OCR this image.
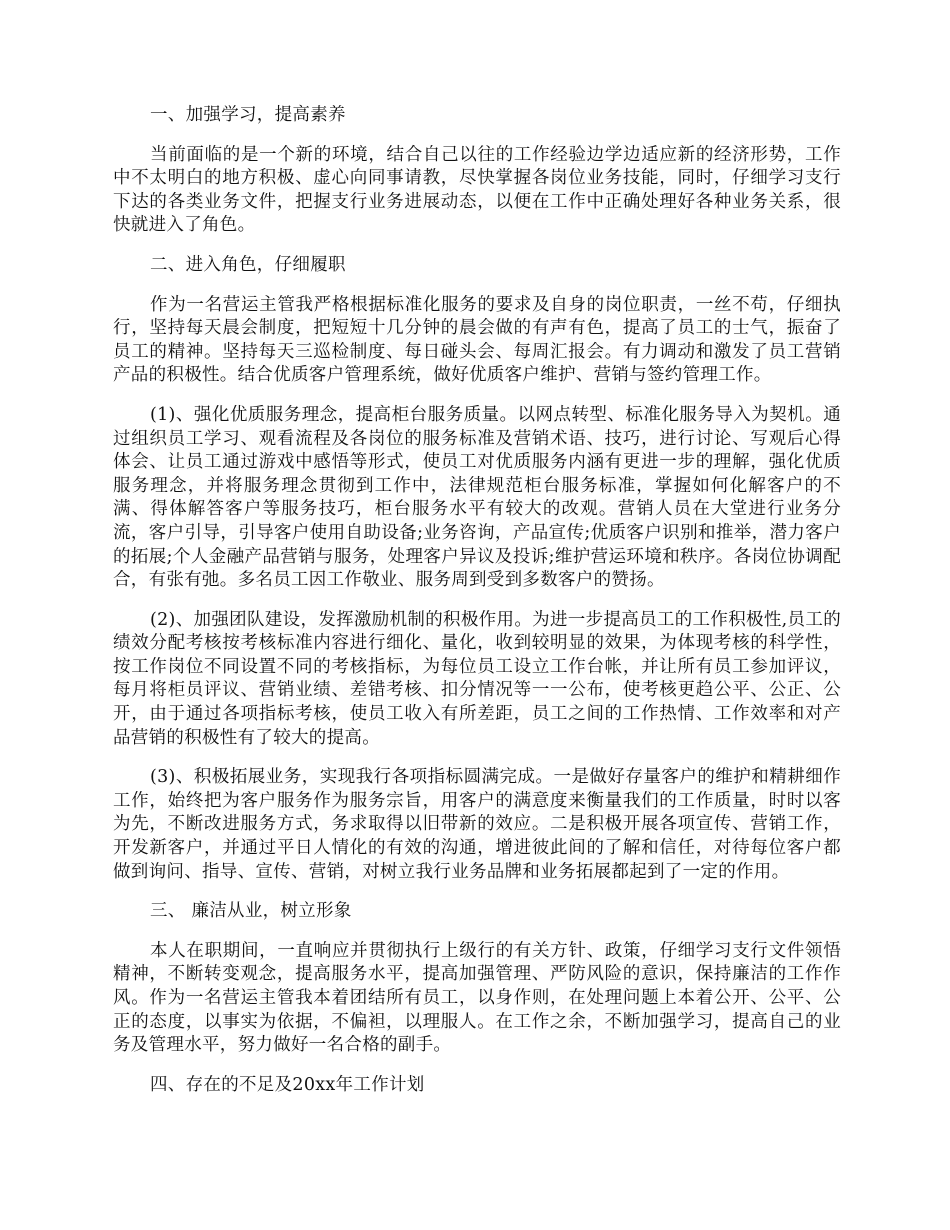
一、加强学习，提高素养

当前面临的是一个新的环境，结合自己以往的工作经验边学边适应新的经济形势，工作中不太明白的地方积极、虚心向同事请教，尽快掌握各岗位业务技能，同时，仔细学习支行下达的各类业务文件，把握支行业务进展动态，以便在工作中正确处理好各种业务关系，很快就进入了角色。

二、进入角色，仔细履职

作为一名营运主管我严格根据标准化服务的要求及自身的岗位职责，一丝不苟，仔细执行，坚持每天晨会制度，把短短十几分钟的晨会做的有声有色，提高了员工的士气，振奋了员工的精神。坚持每天三巡检制度、每日碰头会、每周汇报会。有力调动和激发了员工营销产品的积极性。结合优质客户管理系统，做好优质客户维护、营销与签约管理工作。

(1)、强化优质服务理念，提高柜台服务质量。以网点转型、标准化服务导入为契机。通过组织员工学习、观看流程及各岗位的服务标准及营销术语、技巧，进行讨论、写观后心得体会、让员工通过游戏中感悟等形式，使员工对优质服务内涵有更进一步的理解，强化优质服务理念，并将服务理念贯彻到工作中，法律规范柜台服务标准，掌握如何化解客户的不满、得体解答客户等服务技巧，柜台服务水平有较大的改观。营销人员在大堂进行业务分流，客户引导，引导客户使用自助设备;业务咨询，产品宣传;优质客户识别和推举，潜力客户的拓展;个人金融产品营销与服务，处理客户异议及投诉;维护营运环境和秩序。各岗位协调配合，有张有弛。多名员工因工作敬业、服务周到受到多数客户的赞扬。

(2)、加强团队建设，发挥激励机制的积极作用。为进一步提高员工的工作积极性,员工的绩效分配考核按考核标准内容进行细化、量化，收到较明显的效果，为体现考核的科学性，按工作岗位不同设置不同的考核指标，为每位员工设立工作台帐，并让所有员工参加评议，每月将柜员评议、营销业绩、差错考核、扣分情况等一一公布，使考核更趋公平、公正、公开，由于通过各项指标考核，使员工收入有所差距，员工之间的工作热情、工作效率和对产品营销的积极性有了较大的提高。

(3)、积极拓展业务，实现我行各项指标圆满完成。一是做好存量客户的维护和精耕细作工作，始终把为客户服务作为服务宗旨，用客户的满意度来衡量我们的工作质量，时时以客为先，不断改进服务方式，务求取得以旧带新的效应。二是积极开展各项宣传、营销工作，开发新客户，并通过平日人情化的有效的沟通，增进彼此间的了解和信任，对待每位客户都做到询问、指导、宣传、营销，对树立我行业务品牌和业务拓展都起到了一定的作用。

三、 廉洁从业，树立形象

本人在职期间，一直响应并贯彻执行上级行的有关方针、政策，仔细学习支行文件领悟精神，不断转变观念，提高服务水平，提高加强管理、严防风险的意识，保持廉洁的工作作风。作为一名营运主管我本着团结所有员工，以身作则，在处理问题上本着公开、公平、公正的态度，以事实为依据，不偏袒，以理服人。在工作之余，不断加强学习，提高自己的业务及管理水平，努力做好一名合格的副手。

四、存在的不足及20xx年工作计划
